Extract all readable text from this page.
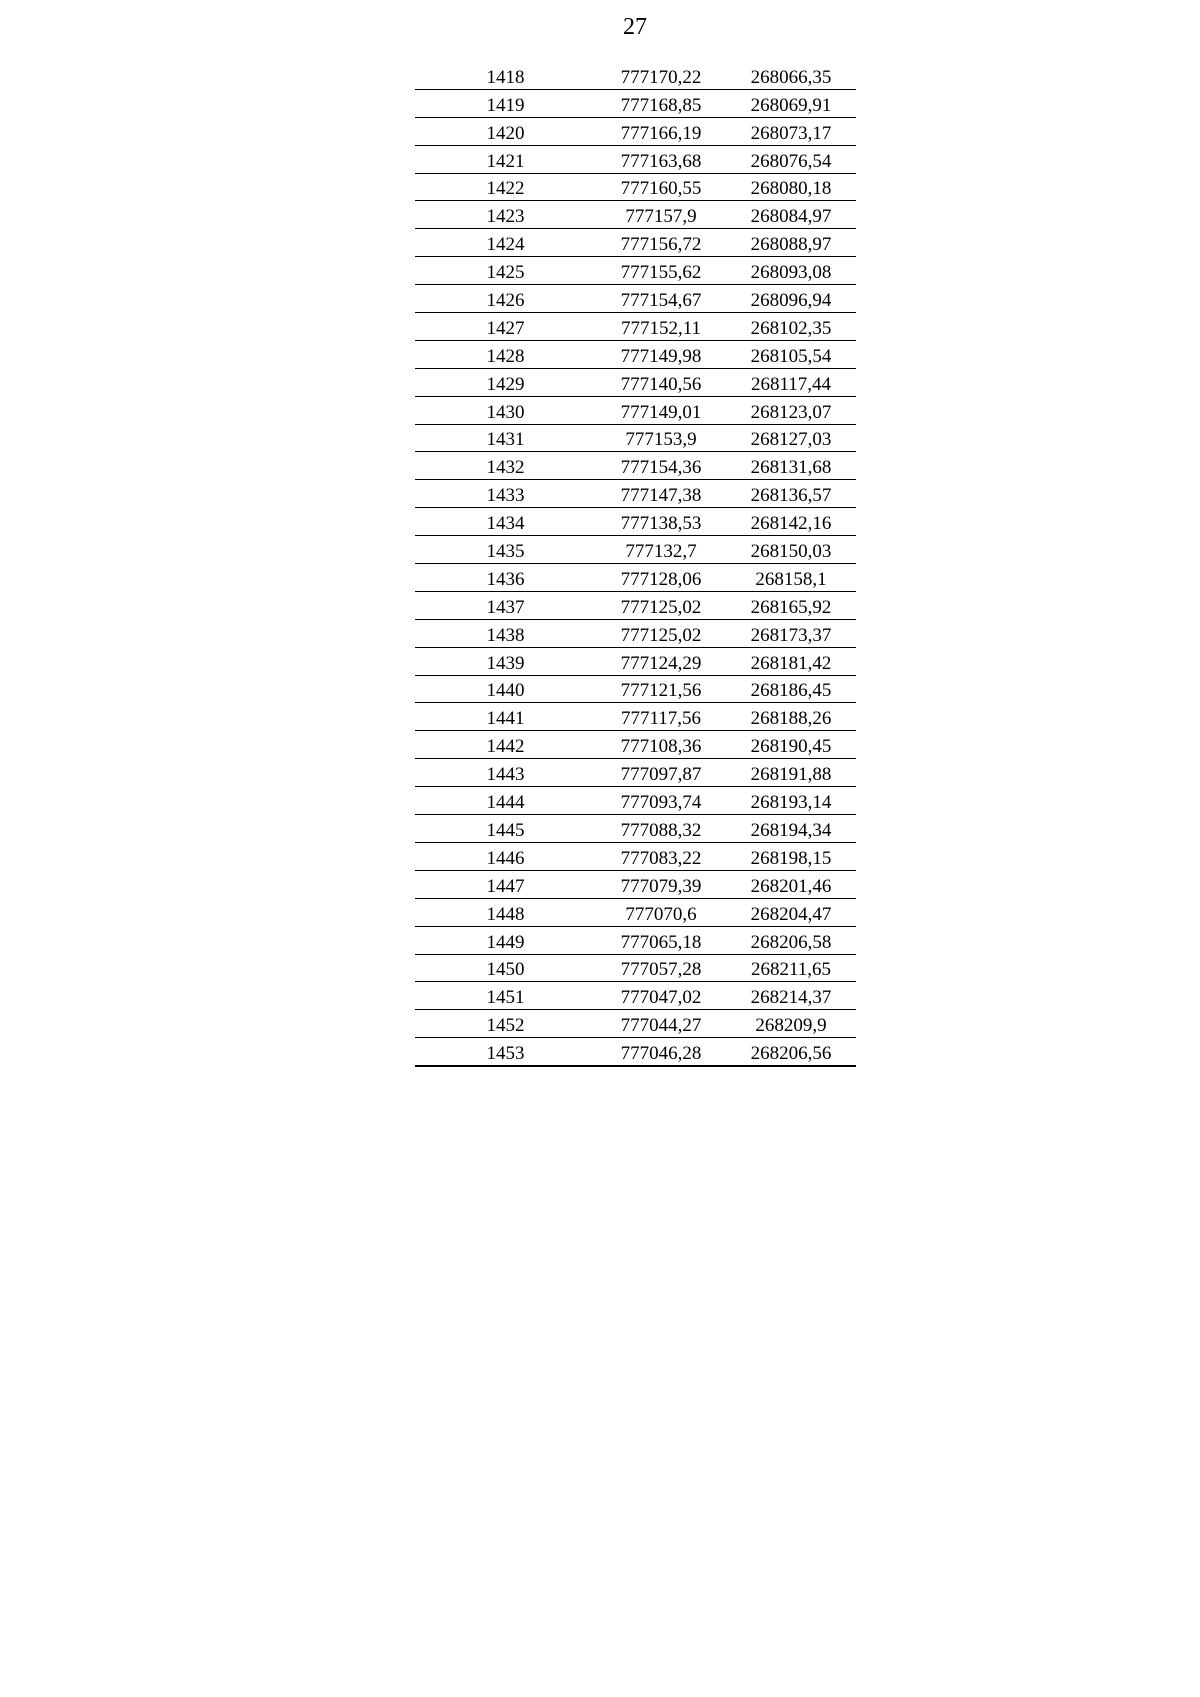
27
1418	777170,22	268066,35
1419	777168,85	268069,91
1420	777166,19	268073,17
1421	777163,68	268076,54
1422	777160,55	268080,18
1423	777157,9	268084,97
1424	777156,72	268088,97
1425	777155,62	268093,08
1426	777154,67	268096,94
1427	777152,11	268102,35
1428	777149,98	268105,54
1429	777140,56	268117,44
1430	777149,01	268123,07
1431	777153,9	268127,03
1432	777154,36	268131,68
1433	777147,38	268136,57
1434	777138,53	268142,16
1435	777132,7	268150,03
1436	777128,06	268158,1
1437	777125,02	268165,92
1438	777125,02	268173,37
1439	777124,29	268181,42
1440	777121,56	268186,45
1441	777117,56	268188,26
1442	777108,36	268190,45
1443	777097,87	268191,88
1444	777093,74	268193,14
1445	777088,32	268194,34
1446	777083,22	268198,15
1447	777079,39	268201,46
1448	777070,6	268204,47
1449	777065,18	268206,58
1450	777057,28	268211,65
1451	777047,02	268214,37
1452	777044,27	268209,9
1453	777046,28	268206,56
